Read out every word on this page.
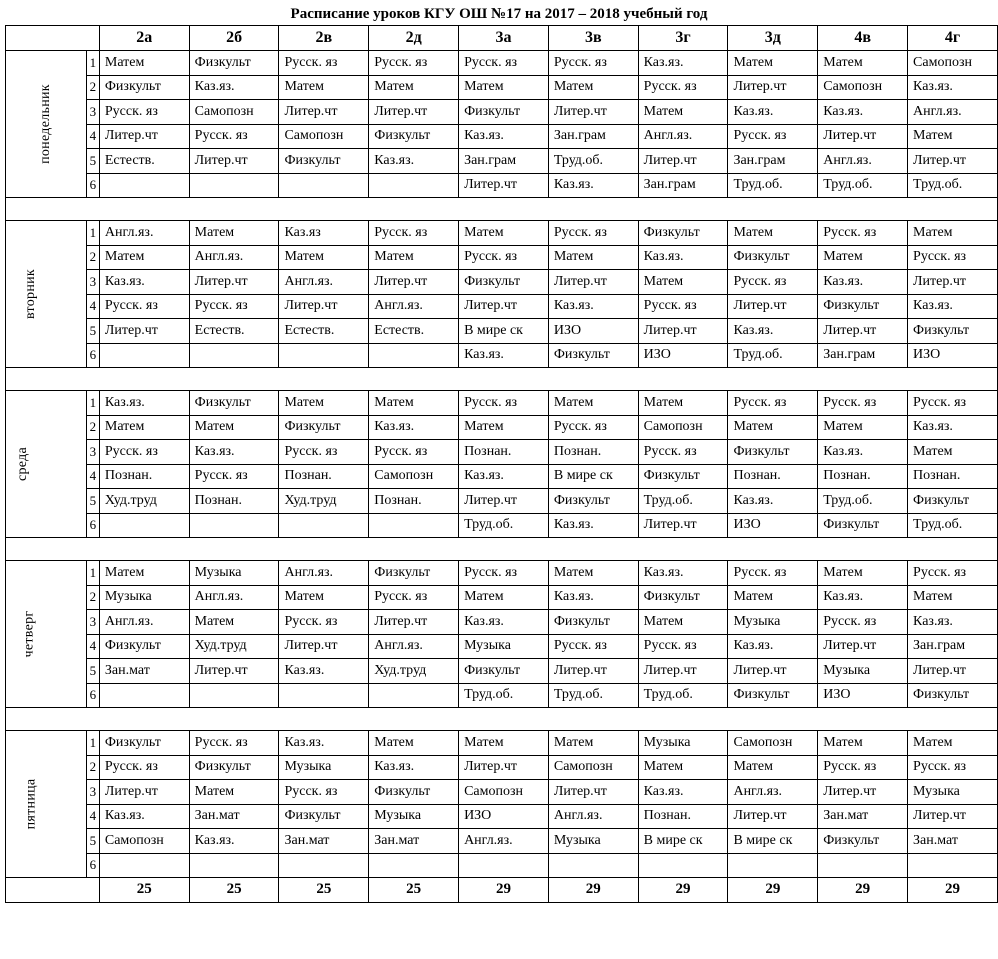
Расписание уроков КГУ ОШ №17 на 2017 – 2018 учебный год
		2а	2б	2в	2д	3а	3в	3г	3д	4в	4г
понедельник	1	Матем	Физкульт	Русск. яз	Русск. яз	Русск. яз	Русск. яз	Каз.яз.	Матем	Матем	Самопозн
	2	Физкульт	Каз.яз.	Матем	Матем	Матем	Матем	Русск. яз	Литер.чт	Самопозн	Каз.яз.
	3	Русск. яз	Самопозн	Литер.чт	Литер.чт	Физкульт	Литер.чт	Матем	Каз.яз.	Каз.яз.	Англ.яз.
	4	Литер.чт	Русск. яз	Самопозн	Физкульт	Каз.яз.	Зан.грам	Англ.яз.	Русск. яз	Литер.чт	Матем
	5	Естеств.	Литер.чт	Физкульт	Каз.яз.	Зан.грам	Труд.об.	Литер.чт	Зан.грам	Англ.яз.	Литер.чт
	6					Литер.чт	Каз.яз.	Зан.грам	Труд.об.	Труд.об.	Труд.об.

вторник	1	Англ.яз.	Матем	Каз.яз	Русск. яз	Матем	Русск. яз	Физкульт	Матем	Русск. яз	Матем
	2	Матем	Англ.яз.	Матем	Матем	Русск. яз	Матем	Каз.яз.	Физкульт	Матем	Русск. яз
	3	Каз.яз.	Литер.чт	Англ.яз.	Литер.чт	Физкульт	Литер.чт	Матем	Русск. яз	Каз.яз.	Литер.чт
	4	Русск. яз	Русск. яз	Литер.чт	Англ.яз.	Литер.чт	Каз.яз.	Русск. яз	Литер.чт	Физкульт	Каз.яз.
	5	Литер.чт	Естеств.	Естеств.	Естеств.	В мире ск	ИЗО	Литер.чт	Каз.яз.	Литер.чт	Физкульт
	6					Каз.яз.	Физкульт	ИЗО	Труд.об.	Зан.грам	ИЗО

среда	1	Каз.яз.	Физкульт	Матем	Матем	Русск. яз	Матем	Матем	Русск. яз	Русск. яз	Русск. яз
	2	Матем	Матем	Физкульт	Каз.яз.	Матем	Русск. яз	Самопозн	Матем	Матем	Каз.яз.
	3	Русск. яз	Каз.яз.	Русск. яз	Русск. яз	Познан.	Познан.	Русск. яз	Физкульт	Каз.яз.	Матем
	4	Познан.	Русск. яз	Познан.	Самопозн	Каз.яз.	В мире ск	Физкульт	Познан.	Познан.	Познан.
	5	Худ.труд	Познан.	Худ.труд	Познан.	Литер.чт	Физкульт	Труд.об.	Каз.яз.	Труд.об.	Физкульт
	6					Труд.об.	Каз.яз.	Литер.чт	ИЗО	Физкульт	Труд.об.

четверг	1	Матем	Музыка	Англ.яз.	Физкульт	Русск. яз	Матем	Каз.яз.	Русск. яз	Матем	Русск. яз
	2	Музыка	Англ.яз.	Матем	Русск. яз	Матем	Каз.яз.	Физкульт	Матем	Каз.яз.	Матем
	3	Англ.яз.	Матем	Русск. яз	Литер.чт	Каз.яз.	Физкульт	Матем	Музыка	Русск. яз	Каз.яз.
	4	Физкульт	Худ.труд	Литер.чт	Англ.яз.	Музыка	Русск. яз	Русск. яз	Каз.яз.	Литер.чт	Зан.грам
	5	Зан.мат	Литер.чт	Каз.яз.	Худ.труд	Физкульт	Литер.чт	Литер.чт	Литер.чт	Музыка	Литер.чт
	6					Труд.об.	Труд.об.	Труд.об.	Физкульт	ИЗО	Физкульт

пятница	1	Физкульт	Русск. яз	Каз.яз.	Матем	Матем	Матем	Музыка	Самопозн	Матем	Матем
	2	Русск. яз	Физкульт	Музыка	Каз.яз.	Литер.чт	Самопозн	Матем	Матем	Русск. яз	Русск. яз
	3	Литер.чт	Матем	Русск. яз	Физкульт	Самопозн	Литер.чт	Каз.яз.	Англ.яз.	Литер.чт	Музыка
	4	Каз.яз.	Зан.мат	Физкульт	Музыка	ИЗО	Англ.яз.	Познан.	Литер.чт	Зан.мат	Литер.чт
	5	Самопозн	Каз.яз.	Зан.мат	Зан.мат	Англ.яз.	Музыка	В мире ск	В мире ск	Физкульт	Зан.мат
	6										
		25	25	25	25	29	29	29	29	29	29
